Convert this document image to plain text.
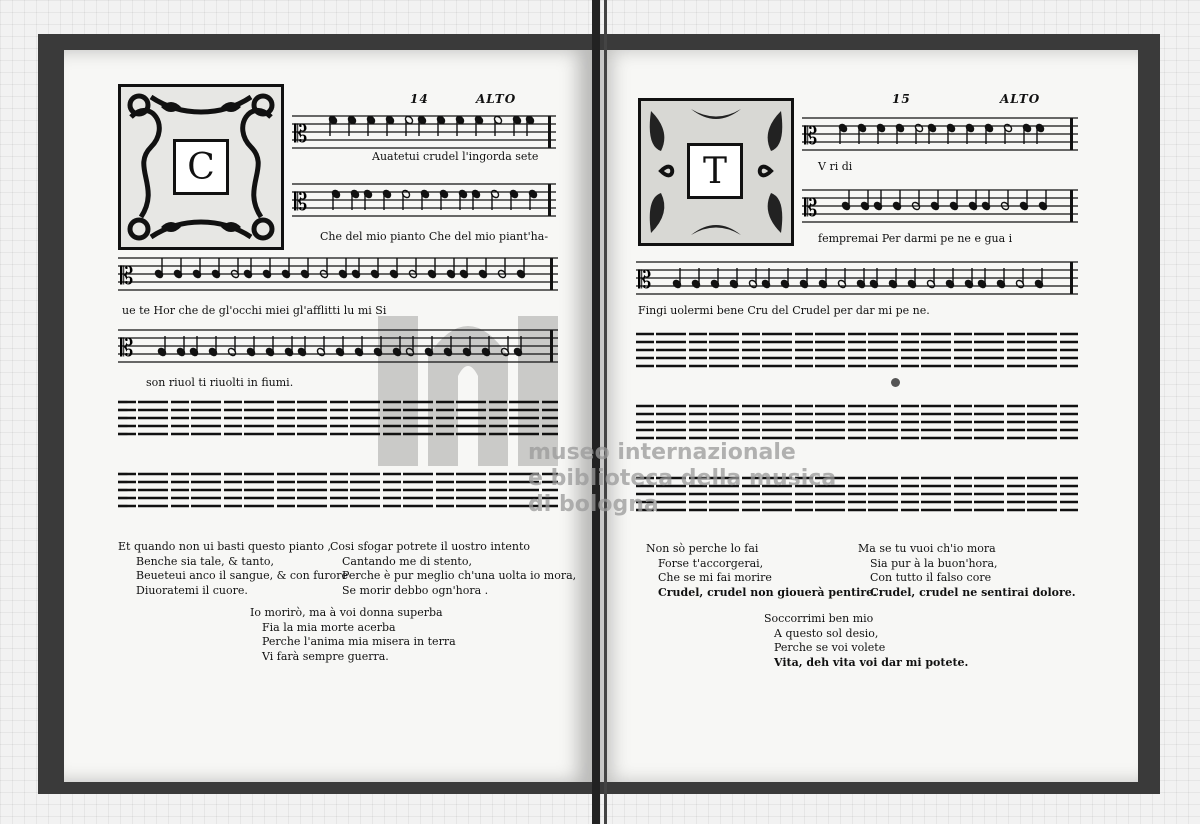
14	ALTO	15	ALTO
C	T
𝄡
𝄡
𝄡
𝄡
𝄡
𝄡
𝄡
Auatetui crudel l'ingorda sete
Che del mio pianto Che del mio piant'ha-
ue te Hor che de gl'occhi miei gl'afflitti lu mi Si
son riuol ti riuolti in fiumi.
V ri di
fempremai Per darmi pe ne e gua i
Fingi uolermi bene Cru del Crudel per dar mi pe ne.
Et quando non ui basti questo pianto ,
Benche sia tale, & tanto,
Beueteui anco il sangue, & con furore
Diuoratemi il cuore.
Cosi sfogar potrete il uostro intento
Cantando me di stento,
Perche è pur meglio ch'una uolta io mora,
Se morir debbo ogn'hora .
Io morirò, ma à voi donna superba
Fia la mia morte acerba
Perche l'anima mia misera in terra
Vi farà sempre guerra.
Non sò perche lo fai
Forse t'accorgerai,
Che se mi fai morire
Crudel, crudel non giouerà pentire.
Ma se tu vuoi ch'io mora
Sia pur à la buon'hora,
Con tutto il falso core
Crudel, crudel ne sentirai dolore.
Soccorrimi ben mio
A questo sol desio,
Perche se voi volete
Vita, deh vita voi dar mi potete.
museo internazionale
e biblioteca della musica
di bologna
